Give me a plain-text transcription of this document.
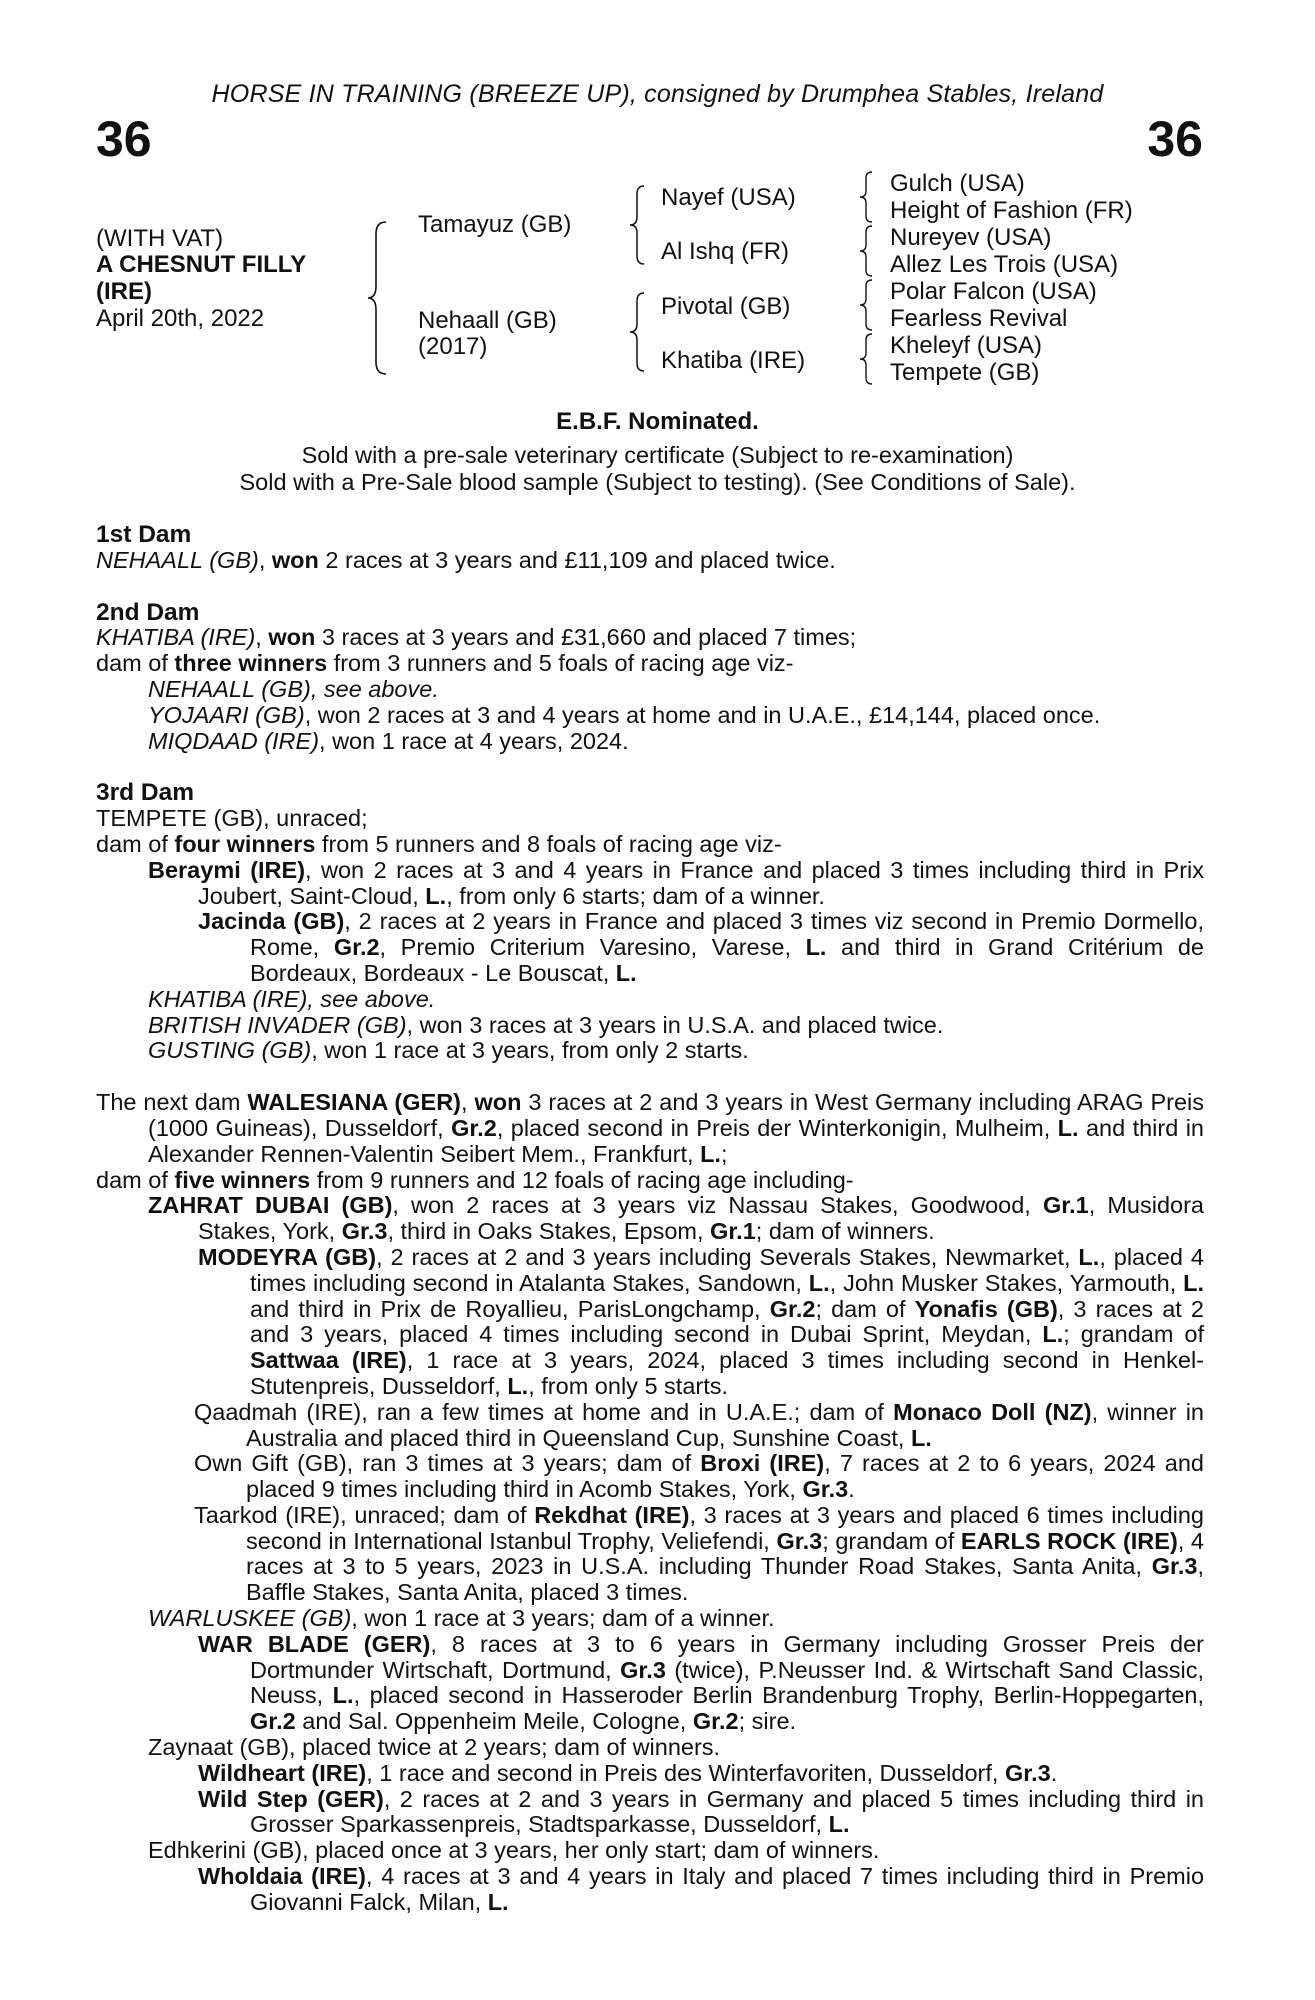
HORSE IN TRAINING (BREEZE UP), consigned by Drumphea Stables, Ireland
36	36
(WITH VAT)
A CHESNUT FILLY
(IRE)
April 20th, 2022
Tamayuz (GB)
Nehaall (GB)
(2017)
Nayef (USA)
Al Ishq (FR)
Pivotal (GB)
Khatiba (IRE)
Gulch (USA)
Height of Fashion (FR)
Nureyev (USA)
Allez Les Trois (USA)
Polar Falcon (USA)
Fearless Revival
Kheleyf (USA)
Tempete (GB)
E.B.F. Nominated.
Sold with a pre-sale veterinary certificate (Subject to re-examination)
Sold with a Pre-Sale blood sample (Subject to testing). (See Conditions of Sale).
1st Dam
NEHAALL (GB), won 2 races at 3 years and £11,109 and placed twice.
2nd Dam
KHATIBA (IRE), won 3 races at 3 years and £31,660 and placed 7 times;
dam of three winners from 3 runners and 5 foals of racing age viz-
NEHAALL (GB), see above.
YOJAARI (GB), won 2 races at 3 and 4 years at home and in U.A.E., £14,144, placed once.
MIQDAAD (IRE), won 1 race at 4 years, 2024.
3rd Dam
TEMPETE (GB), unraced;
dam of four winners from 5 runners and 8 foals of racing age viz-
Beraymi (IRE), won 2 races at 3 and 4 years in France and placed 3 times including third in Prix Joubert, Saint-Cloud, L., from only 6 starts; dam of a winner.
Jacinda (GB), 2 races at 2 years in France and placed 3 times viz second in Premio Dormello, Rome, Gr.2, Premio Criterium Varesino, Varese, L. and third in Grand Critérium de Bordeaux, Bordeaux - Le Bouscat, L.
KHATIBA (IRE), see above.
BRITISH INVADER (GB), won 3 races at 3 years in U.S.A. and placed twice.
GUSTING (GB), won 1 race at 3 years, from only 2 starts.
The next dam WALESIANA (GER), won 3 races at 2 and 3 years in West Germany including ARAG Preis (1000 Guineas), Dusseldorf, Gr.2, placed second in Preis der Winterkonigin, Mulheim, L. and third in Alexander Rennen-Valentin Seibert Mem., Frankfurt, L.;
dam of five winners from 9 runners and 12 foals of racing age including-
ZAHRAT DUBAI (GB), won 2 races at 3 years viz Nassau Stakes, Goodwood, Gr.1, Musidora Stakes, York, Gr.3, third in Oaks Stakes, Epsom, Gr.1; dam of winners.
MODEYRA (GB), 2 races at 2 and 3 years including Severals Stakes, Newmarket, L., placed 4 times including second in Atalanta Stakes, Sandown, L., John Musker Stakes, Yarmouth, L. and third in Prix de Royallieu, ParisLongchamp, Gr.2; dam of Yonafis (GB), 3 races at 2 and 3 years, placed 4 times including second in Dubai Sprint, Meydan, L.; grandam of Sattwaa (IRE), 1 race at 3 years, 2024, placed 3 times including second in Henkel-Stutenpreis, Dusseldorf, L., from only 5 starts.
Qaadmah (IRE), ran a few times at home and in U.A.E.; dam of Monaco Doll (NZ), winner in Australia and placed third in Queensland Cup, Sunshine Coast, L.
Own Gift (GB), ran 3 times at 3 years; dam of Broxi (IRE), 7 races at 2 to 6 years, 2024 and placed 9 times including third in Acomb Stakes, York, Gr.3.
Taarkod (IRE), unraced; dam of Rekdhat (IRE), 3 races at 3 years and placed 6 times including second in International Istanbul Trophy, Veliefendi, Gr.3; grandam of EARLS ROCK (IRE), 4 races at 3 to 5 years, 2023 in U.S.A. including Thunder Road Stakes, Santa Anita, Gr.3, Baffle Stakes, Santa Anita, placed 3 times.
WARLUSKEE (GB), won 1 race at 3 years; dam of a winner.
WAR BLADE (GER), 8 races at 3 to 6 years in Germany including Grosser Preis der Dortmunder Wirtschaft, Dortmund, Gr.3 (twice), P.Neusser Ind. & Wirtschaft Sand Classic, Neuss, L., placed second in Hasseroder Berlin Brandenburg Trophy, Berlin-Hoppegarten, Gr.2 and Sal. Oppenheim Meile, Cologne, Gr.2; sire.
Zaynaat (GB), placed twice at 2 years; dam of winners.
Wildheart (IRE), 1 race and second in Preis des Winterfavoriten, Dusseldorf, Gr.3.
Wild Step (GER), 2 races at 2 and 3 years in Germany and placed 5 times including third in Grosser Sparkassenpreis, Stadtsparkasse, Dusseldorf, L.
Edhkerini (GB), placed once at 3 years, her only start; dam of winners.
Wholdaia (IRE), 4 races at 3 and 4 years in Italy and placed 7 times including third in Premio Giovanni Falck, Milan, L.
